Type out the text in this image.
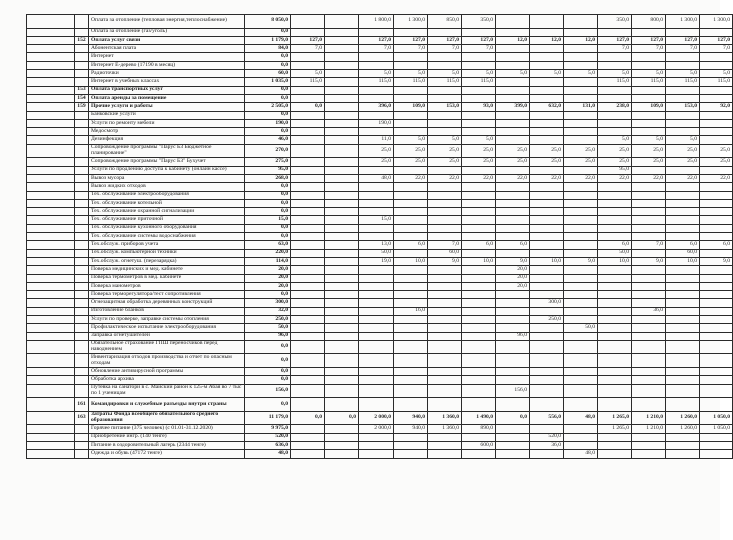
		Оплата за отопление (тепловая энергия,теплоснабжение)	8 050,0			1 800,0	1 300,0	850,0	350,0				350,0	800,0	1 300,0	1 300,0
		Оплата за отопление (газ/уголь)	0,0													
	152	Оплата услуг связи	1 179,0	127,0		127,0	127,0	127,0	127,0	12,0	12,0	12,0	127,0	127,0	127,0	127,0
		Абонентская плата	84,0	7,0		7,0	7,0	7,0	7,0				7,0	7,0	7,0	7,0
		Интернет	0,0													
		Интернет Е-дерево (17190 в месяц)	0,0													
		Радиоточки	60,0	5,0		5,0	5,0	5,0	5,0	5,0	5,0	5,0	5,0	5,0	5,0	5,0
		Интернет в учебных классах	1 035,0	115,0		115,0	115,0	115,0	115,0				115,0	115,0	115,0	115,0
	153	Оплата транспортных услуг	0,0													
	154	Оплата аренды за помещение	0,0													
	159	Прочие услуги и работы	2 505,0	0,0		396,0	109,0	153,0	93,0	399,0	632,0	131,0	238,0	109,0	153,0	92,0
		Банковские услуги	0,0													
		Услуги по ремонту мебели	190,0			190,0										
		Медосмотр	0,0													
		Дезинфекция	46,0			11,0	5,0	5,0	5,0				5,0	5,0	5,0	
		Сопровождение программы "Парус БЗ Бюджетное планирование"	270,0			25,0	25,0	25,0	25,0	25,0	25,0	25,0	25,0	25,0	25,0	25,0
		Сопровождение программы "Парус БЗ" Бухучет	275,0			25,0	25,0	25,0	25,0	25,0	25,0	25,0	25,0	25,0	25,0	25,0
		Услуги по продлению доступа к кабинету (онлайн кассе)	95,0										95,0			
		Вывоз мусора	268,0			48,0	22,0	22,0	22,0	22,0	22,0	22,0	22,0	22,0	22,0	22,0
		Вывоз жидких отходов	0,0													
		Тех. обслуживание электрооборудования	0,0													
		Тех. обслуживание котельной	0,0													
		Тех. обслуживание охранной сигнализации	0,0													
		Тех. обслуживание приточной	15,0			15,0										
		Тех. обслуживание кухонного оборудования	0,0													
		Тех. обслуживание системы водоснабжения	0,0													
		Тех.обслуж. приборов учета	63,0			13,0	6,0	7,0	6,0	6,0			6,0	7,0	6,0	6,0
		Тех.обслуж. компьютерной техники	220,0			50,0		60,0					50,0		60,0	
		Тех.обслуж. огнетуш. (перезарядка)	114,0			19,0	10,0	9,0	10,0	9,0	10,0	9,0	10,0	9,0	10,0	9,0
		Поверка медицинских и мед. кабинете	20,0							20,0						
		Поверка термометров в мед. кабинете	20,0							20,0						
		Поверка манометров	20,0							20,0						
		Поверка терморегулятора/тест сопротивления	0,0													
		Огнезащитная обработка деревянных конструкций	300,0								300,0					
		Изготовление бланков	32,0				16,0							36,0		
		Услуги по проверке, заправке системы отопления	250,0								250,0					
		Профилактическое испытание электрооборудования	50,0									50,0				
		Заправка огнетушителей	96,0							96,0						
		Обязательное страхование ГПШ переносчиков перед наводнением	0,0													
		Инвентаризация отходов производства и отчет по опасным отходам	0,0													
		Обновление антивирусной программы	0,0													
		Обработка архива	0,0													
		Путевка на санатори в с. Майский район к 125-м Абая во 7 тыс по 1 ученицам	156,0							156,0						
	161	Командировки и служебные разъезды внутри страны	0,0													
	163	Затраты Фонда всеобщего обязательного среднего образования	11 179,0	0,0	0,0	2 000,0	940,0	1 360,0	1 490,0	0,0	556,0	48,0	1 265,0	1 210,0	1 260,0	1 050,0
		Горячее питание (375 человек) (с 01.01-31.12.2020)	9 975,0			2 000,0	940,0	1 360,0	890,0				1 265,0	1 210,0	1 260,0	1 050,0
		Приобретение ингр. (140 тенге)	520,0								520,0					
		Питание в оздоровительный лагерь (2344 тенге)	636,0						600,0		36,0					
		Одежда и обувь (47172 тенге)	48,0									48,0				
